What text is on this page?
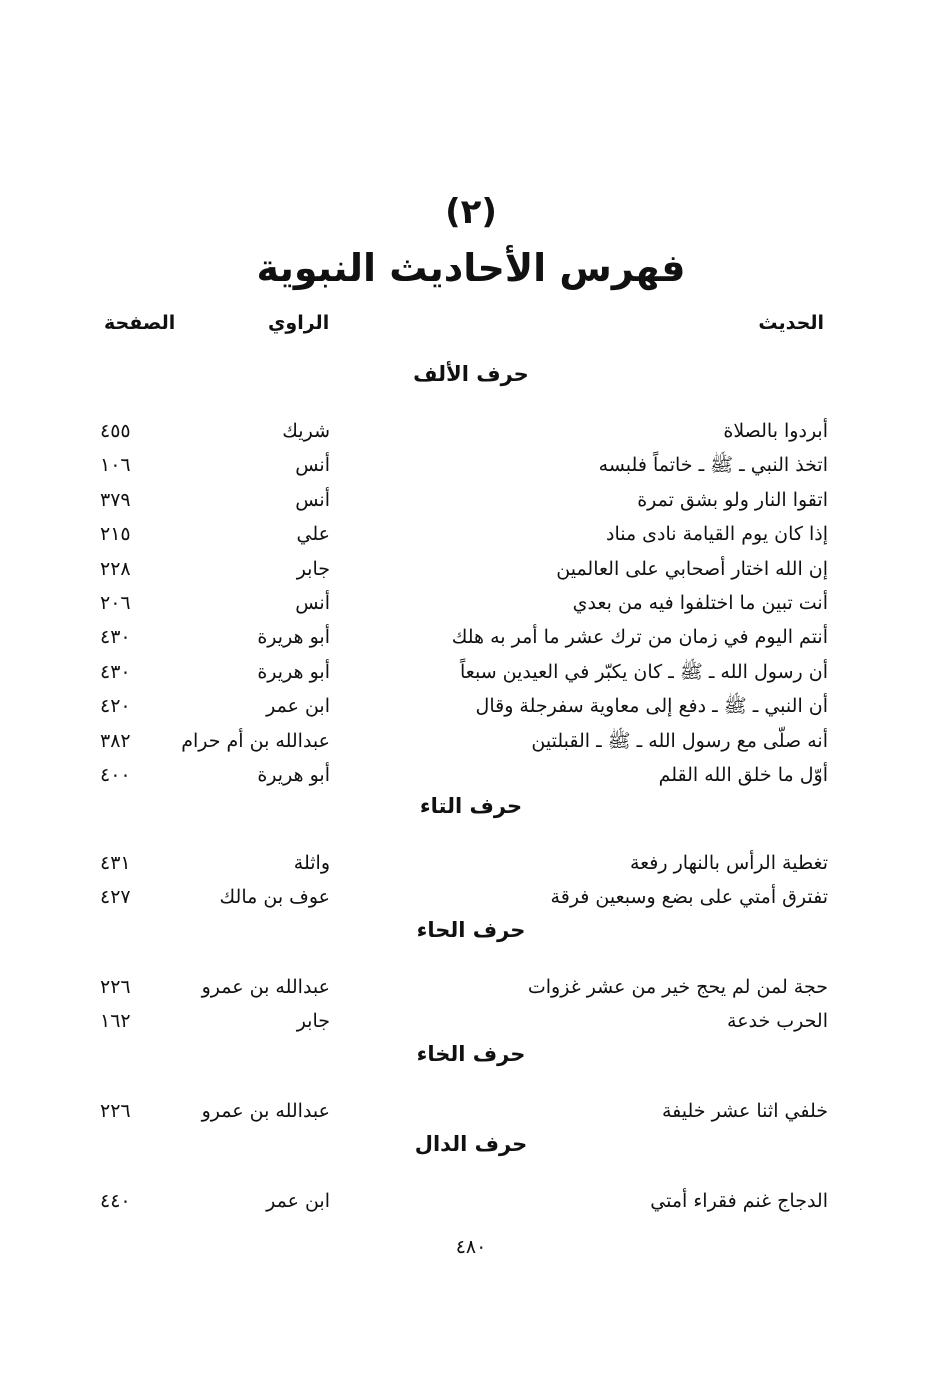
(٢)
فهرس الأحاديث النبوية
الحديث
الراوي
الصفحة
حرف الألف
أبردوا بالصلاة
شريك
٤٥٥
اتخذ النبي ـ ﷺ ـ خاتماً فلبسه
أنس
١٠٦
اتقوا النار ولو بشق تمرة
أنس
٣٧٩
إذا كان يوم القيامة نادى مناد
علي
٢١٥
إن الله اختار أصحابي على العالمين
جابر
٢٢٨
أنت تبين ما اختلفوا فيه من بعدي
أنس
٢٠٦
أنتم اليوم في زمان من ترك عشر ما أمر به هلك
أبو هريرة
٤٣٠
أن رسول الله ـ ﷺ ـ كان يكبّر في العيدين سبعاً
أبو هريرة
٤٣٠
أن النبي ـ ﷺ ـ دفع إلى معاوية سفرجلة وقال
ابن عمر
٤٢٠
أنه صلّى مع رسول الله ـ ﷺ ـ القبلتين
عبدالله بن أم حرام
٣٨٢
أوّل ما خلق الله القلم
أبو هريرة
٤٠٠
حرف التاء
تغطية الرأس بالنهار رفعة
واثلة
٤٣١
تفترق أمتي على بضع وسبعين فرقة
عوف بن مالك
٤٢٧
حرف الحاء
حجة لمن لم يحج خير من عشر غزوات
عبدالله بن عمرو
٢٢٦
الحرب خدعة
جابر
١٦٢
حرف الخاء
خلفي اثنا عشر خليفة
عبدالله بن عمرو
٢٢٦
حرف الدال
الدجاج غنم فقراء أمتي
ابن عمر
٤٤٠
٤٨٠
